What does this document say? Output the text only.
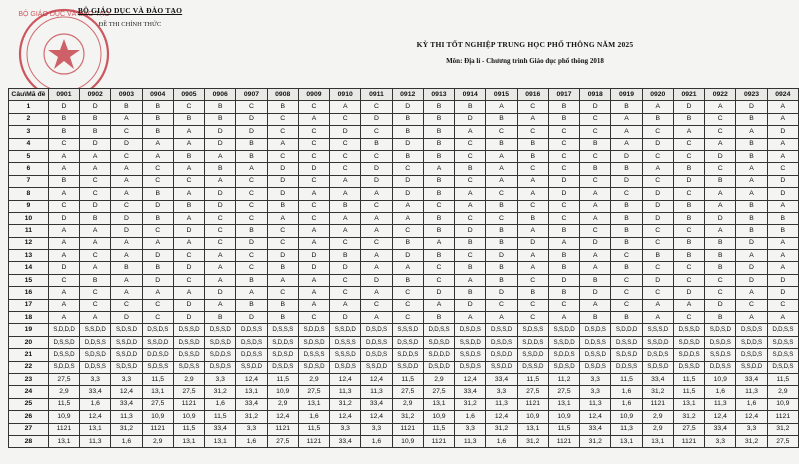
BỘ GIÁO DỤC VÀ ĐÀO TẠO
BỘ GIÁO DỤC VÀ ĐÀO TẠO
ĐỀ THI CHÍNH THỨC
KỲ THI TỐT NGHIỆP TRUNG HỌC PHỔ THÔNG NĂM 2025
Môn: Địa lí - Chương trình Giáo dục phổ thông 2018
Câu\Mã đề	0901	0902	0903	0904	0905	0906	0907	0908	0909	0910	0911	0912	0913	0914	0915	0916	0917	0918	0919	0920	0921	0922	0923	0924
1	D	D	B	B	C	B	C	B	C	A	C	D	B	B	A	C	B	D	B	A	D	A	D	A
2	B	B	A	B	B	B	D	C	A	C	D	B	B	D	B	A	B	C	A	B	B	C	B	A
3	B	B	C	B	A	D	D	C	C	D	C	B	B	A	C	C	C	C	A	C	A	C	A	D
4	C	D	D	A	A	D	B	A	C	C	B	D	B	C	B	B	C	B	A	D	C	A	B	A
5	A	A	C	A	B	A	B	C	C	C	C	B	B	C	A	B	C	C	D	C	C	D	B	A
6	A	A	A	C	A	B	A	D	D	C	D	C	A	B	A	C	C	B	B	A	B	C	A	C
7	B	C	A	C	C	A	C	D	C	A	D	D	B	C	A	A	D	C	D	C	D	B	A	D
8	A	C	A	B	A	D	C	D	A	A	A	D	B	A	C	A	D	A	C	D	C	A	A	D
9	C	D	C	D	B	D	C	B	C	B	C	A	C	A	B	C	C	A	B	D	B	A	B	A
10	D	B	D	B	A	C	C	A	C	A	A	A	B	C	C	B	C	A	B	D	B	D	B	B
11	A	A	D	C	D	C	B	C	A	A	A	C	B	D	B	A	B	C	B	C	C	A	B	B
12	A	A	A	A	A	C	D	C	A	C	C	B	A	B	B	D	A	D	B	C	B	B	D	A
13	A	C	A	D	C	A	C	D	D	B	A	D	B	C	D	A	B	A	C	B	B	B	A	A
14	D	A	B	B	D	A	C	B	D	D	A	A	C	B	B	A	B	A	B	C	C	B	D	A
15	C	B	A	D	C	A	B	A	A	C	D	B	C	A	B	C	D	B	C	D	C	C	D	D
16	A	C	A	A	A	D	A	C	A	C	A	C	D	B	D	B	B	D	C	C	D	C	A	D
17	A	C	C	C	D	A	B	B	A	A	C	C	A	D	C	C	C	A	C	A	A	D	C	C
18	A	A	D	C	D	B	D	B	C	D	A	C	B	A	A	C	A	B	B	A	C	B	A	A
19	S,D,D,D	S,S,D,D	S,D,S,D	D,S,D,S	D,S,S,D	D,S,S,D	D,D,S,S	D,S,S,S	S,D,D,S	S,S,D,D	D,S,D,S	S,S,S,D	D,D,S,S	D,S,D,S	D,S,S,D	S,D,S,S	S,S,D,D	D,S,D,S	S,D,D,D	S,S,S,D	D,S,S,D	S,D,S,D	D,S,D,S	D,D,S,S
20	D,S,S,D	D,D,S,S	S,S,D,D	S,S,D,D	D,S,S,D	S,D,S,D	D,S,D,S	S,D,D,S	S,D,S,D	D,S,S,S	D,D,S,S	D,S,S,D	S,D,S,D	S,S,D,D	D,S,D,S	S,D,D,S	S,S,D,D	D,D,S,S	D,S,S,D	S,S,D,D	S,D,S,D	D,S,D,S	S,D,D,S	S,D,S,S
21	D,S,S,D	S,D,S,D	S,S,D,D	D,D,S,D	D,S,S,D	S,D,D,S	D,D,S,S	S,D,S,D	D,S,S,S	S,S,S,D	D,S,D,S	S,D,D,S	S,D,D,D	S,S,D,S	D,S,D,D	S,S,D,D	S,D,D,S	D,S,S,D	S,D,S,D	D,S,D,S	S,D,D,S	S,S,D,S	D,S,D,S	S,D,S,S
22	S,D,D,S	D,D,S,S	S,D,S,D	S,D,S,S	S,D,S,S	D,S,D,S	S,S,D,D	D,S,D,S	S,D,S,D	D,S,D,S	S,S,D,D	S,S,D,D	D,S,D,D	D,S,D,S	S,S,D,D	D,S,S,D	S,D,S,D	D,S,D,S	D,D,S,S	S,D,S,D	D,S,S,D	D,D,S,S	S,S,D,D	D,S,D,S
23	27,5	3,3	3,3	11,5	2,9	3,3	12,4	11,5	2,9	12,4	12,4	11,5	2,9	12,4	33,4	11,5	11,2	3,3	11,5	33,4	11,5	10,9	33,4	11,5
24	2,9	33,4	12,4	13,1	27,5	31,2	13,1	10,9	27,5	11,3	11,3	27,5	27,5	33,4	3,3	27,5	27,5	3,3	1,6	31,2	11,5	1,6	11,3	2,9
25	11,5	1,6	33,4	27,5	1121	1,6	33,4	2,9	13,1	31,2	33,4	2,9	13,1	31,2	11,3	1121	13,1	11,3	1,6	1121	13,1	11,3	1,6	10,9
26	10,9	12,4	11,3	10,9	10,9	11,5	31,2	12,4	1,6	12,4	12,4	31,2	10,9	1,6	12,4	10,9	10,9	12,4	10,9	2,9	31,2	12,4	12,4	1121
27	1121	13,1	31,2	1121	11,5	33,4	3,3	1121	11,5	3,3	3,3	1121	11,5	3,3	31,2	13,1	11,5	33,4	11,3	2,9	27,5	33,4	3,3	31,2
28	13,1	11,3	1,6	2,9	13,1	13,1	1,6	27,5	1121	33,4	1,6	10,9	1121	11,3	1,6	31,2	1121	31,2	13,1	13,1	1121	3,3	31,2	27,5
